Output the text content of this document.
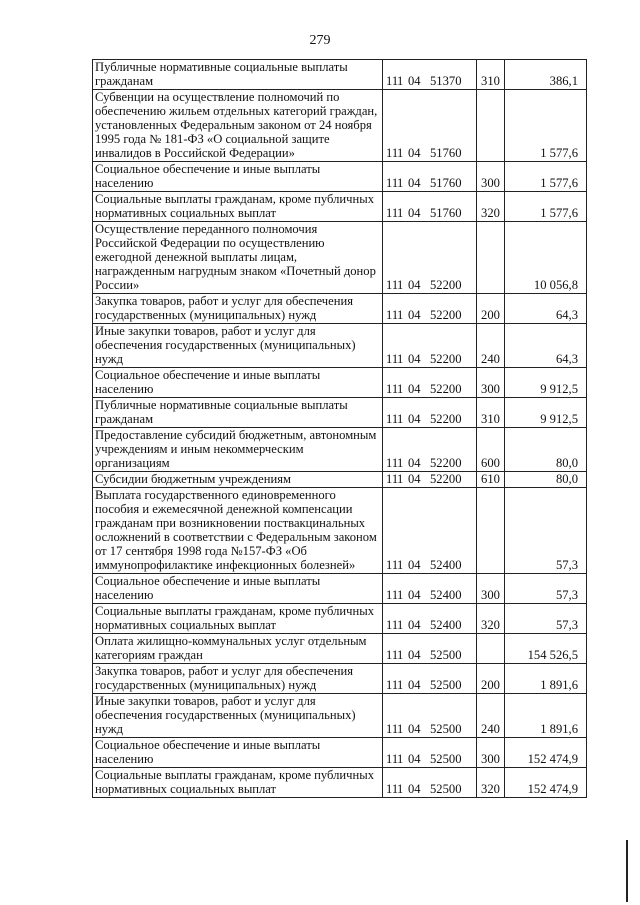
279
Публичные нормативные социальные выплаты гражданам	111 04 51370	310	386,1
Субвенции на осуществление полномочий по обеспечению жильем отдельных категорий граждан, установленных Федеральным законом от 24 ноября 1995 года № 181-ФЗ «О социальной защите инвалидов в Российской Федерации»	111 04 51760		1 577,6
Социальное обеспечение и иные выплаты населению	111 04 51760	300	1 577,6
Социальные выплаты гражданам, кроме публичных нормативных социальных выплат	111 04 51760	320	1 577,6
Осуществление переданного полномочия Российской Федерации по осуществлению ежегодной денежной выплаты лицам, награжденным нагрудным знаком «Почетный донор России»	111 04 52200		10 056,8
Закупка товаров, работ и услуг для обеспечения государственных (муниципальных) нужд	111 04 52200	200	64,3
Иные закупки товаров, работ и услуг для обеспечения государственных (муниципальных) нужд	111 04 52200	240	64,3
Социальное обеспечение и иные выплаты населению	111 04 52200	300	9 912,5
Публичные нормативные социальные выплаты гражданам	111 04 52200	310	9 912,5
Предоставление субсидий бюджетным, автономным учреждениям и иным некоммерческим организациям	111 04 52200	600	80,0
Субсидии бюджетным учреждениям	111 04 52200	610	80,0
Выплата государственного единовременного пособия и ежемесячной денежной компенсации гражданам при возникновении поствакцинальных осложнений в соответствии с Федеральным законом от 17 сентября 1998 года №157-ФЗ «Об иммунопрофилактике инфекционных болезней»	111 04 52400		57,3
Социальное обеспечение и иные выплаты населению	111 04 52400	300	57,3
Социальные выплаты гражданам, кроме публичных нормативных социальных выплат	111 04 52400	320	57,3
Оплата жилищно-коммунальных услуг отдельным категориям граждан	111 04 52500		154 526,5
Закупка товаров, работ и услуг для обеспечения государственных (муниципальных) нужд	111 04 52500	200	1 891,6
Иные закупки товаров, работ и услуг для обеспечения государственных (муниципальных) нужд	111 04 52500	240	1 891,6
Социальное обеспечение и иные выплаты населению	111 04 52500	300	152 474,9
Социальные выплаты гражданам, кроме публичных нормативных социальных выплат	111 04 52500	320	152 474,9
